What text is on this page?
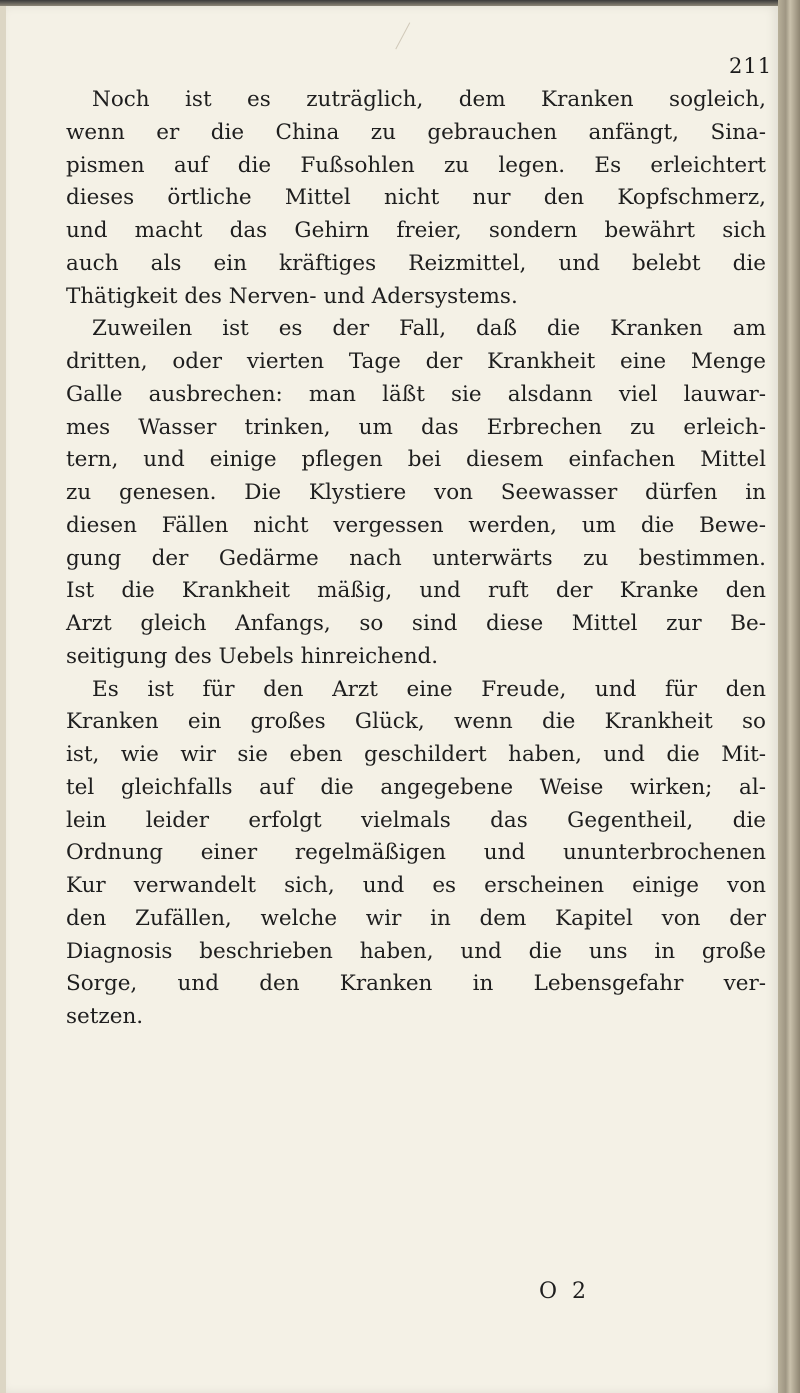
211
Noch ist es zuträglich, dem Kranken sogleich,
wenn er die China zu gebrauchen anfängt, Sina-
pismen auf die Fußsohlen zu legen. Es erleichtert
dieses örtliche Mittel nicht nur den Kopfschmerz,
und macht das Gehirn freier, sondern bewährt sich
auch als ein kräftiges Reizmittel, und belebt die
Thätigkeit des Nerven- und Adersystems.
Zuweilen ist es der Fall, daß die Kranken am
dritten, oder vierten Tage der Krankheit eine Menge
Galle ausbrechen: man läßt sie alsdann viel lauwar-
mes Wasser trinken, um das Erbrechen zu erleich-
tern, und einige pflegen bei diesem einfachen Mittel
zu genesen. Die Klystiere von Seewasser dürfen in
diesen Fällen nicht vergessen werden, um die Bewe-
gung der Gedärme nach unterwärts zu bestimmen.
Ist die Krankheit mäßig, und ruft der Kranke den
Arzt gleich Anfangs, so sind diese Mittel zur Be-
seitigung des Uebels hinreichend.
Es ist für den Arzt eine Freude, und für den
Kranken ein großes Glück, wenn die Krankheit so
ist, wie wir sie eben geschildert haben, und die Mit-
tel gleichfalls auf die angegebene Weise wirken; al-
lein leider erfolgt vielmals das Gegentheil, die
Ordnung einer regelmäßigen und ununterbrochenen
Kur verwandelt sich, und es erscheinen einige von
den Zufällen, welche wir in dem Kapitel von der
Diagnosis beschrieben haben, und die uns in große
Sorge, und den Kranken in Lebensgefahr ver-
setzen.
O 2
